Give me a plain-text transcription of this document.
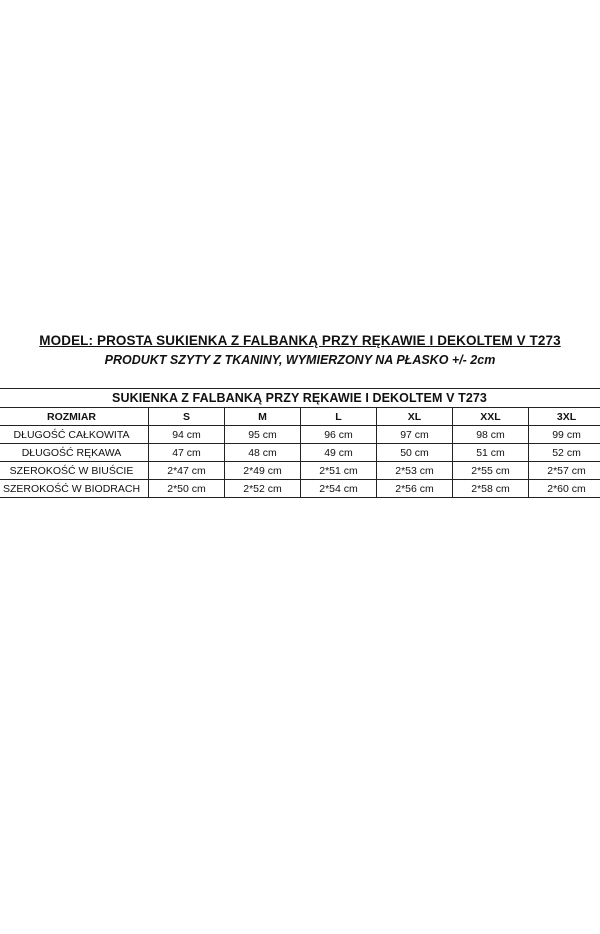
MODEL: PROSTA SUKIENKA Z FALBANKĄ PRZY RĘKAWIE I DEKOLTEM V T273
PRODUKT SZYTY Z TKANINY, WYMIERZONY NA PŁASKO +/- 2cm
SUKIENKA Z FALBANKĄ PRZY RĘKAWIE I DEKOLTEM V T273						
ROZMIAR	S	M	L	XL	XXL	3XL
DŁUGOŚĆ CAŁKOWITA	94 cm	95 cm	96 cm	97 cm	98 cm	99 cm
DŁUGOŚĆ RĘKAWA	47 cm	48 cm	49 cm	50 cm	51 cm	52 cm
SZEROKOŚĆ W BIUŚCIE	2*47 cm	2*49 cm	2*51 cm	2*53 cm	2*55 cm	2*57 cm
SZEROKOŚĆ W BIODRACH	2*50 cm	2*52 cm	2*54 cm	2*56 cm	2*58 cm	2*60 cm
